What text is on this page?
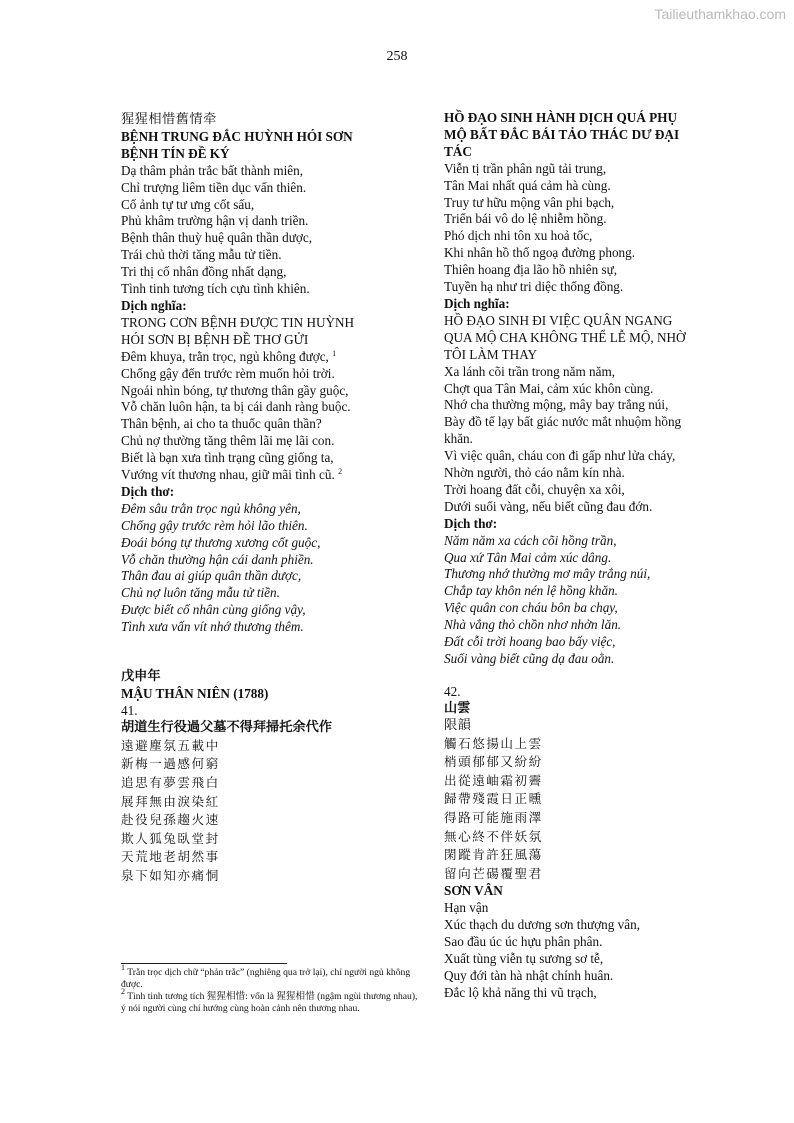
Tailieuthamkhao.com
258
猩猩相惜舊情牵
BỆNH TRUNG ĐẮC HUỲNH HÓI SƠN
BỆNH TÍN ĐỀ KÝ
Dạ thâm phản trắc bất thành miên,
Chỉ trượng liêm tiền dục vấn thiên.
Cố ảnh tự tư ưng cốt sấu,
Phủ khâm trường hận vị danh triền.
Bệnh thân thuỳ huệ quân thần dược,
Trái chủ thời tăng mẫu tử tiền.
Tri thị cố nhân đồng nhất dạng,
Tình tinh tương tích cựu tình khiên.
Dịch nghĩa:
TRONG CƠN BỆNH ĐƯỢC TIN HUỲNH
HÓI SƠN BỊ BỆNH ĐỀ THƠ GỬI
Đêm khuya, trằn trọc, ngủ không được, $^1$
Chống gậy đến trước rèm muốn hỏi trời.
Ngoái nhìn bóng, tự thương thân gầy guộc,
Vỗ chăn luôn hận, ta bị cái danh ràng buộc.
Thân bệnh, ai cho ta thuốc quân thần?
Chủ nợ thường tăng thêm lãi mẹ lãi con.
Biết là bạn xưa tình trạng cũng giống ta,
Vướng vít thương nhau, giữ mãi tình cũ. $^2$
Dịch thơ:
Đêm sâu trằn trọc ngủ không yên,
Chống gậy trước rèm hỏi lão thiên.
Đoái bóng tự thương xương cốt guộc,
Vỗ chăn thường hận cái danh phiền.
Thân đau ai giúp quân thần dược,
Chủ nợ luôn tăng mẫu tử tiền.
Được biết cố nhân cùng giống vậy,
Tình xưa vấn vít nhớ thương thêm.
戊申年
MẬU THÂN NIÊN (1788)
41.
胡道生行役過父墓不得拜掃托余代作
遠避塵氛五載中
新梅一過感何窮
追思有夢雲飛白
展拜無由淚染紅
赴役兒孫趨火速
欺人狐兔臥堂封
天荒地老胡然事
泉下如知亦痛恫
HỒ ĐẠO SINH HÀNH DỊCH QUÁ PHỤ
MỘ BẤT ĐẮC BÁI TẢO THÁC DƯ ĐẠI
TÁC
Viễn tị trần phân ngũ tải trung,
Tân Mai nhất quá cảm hà cùng.
Truy tư hữu mộng vân phi bạch,
Triển bái vô do lệ nhiễm hồng.
Phó dịch nhi tôn xu hoả tốc,
Khi nhân hồ thố ngoạ đường phong.
Thiên hoang địa lão hồ nhiên sự,
Tuyền hạ như tri diệc thống đồng.
Dịch nghĩa:
HỒ ĐẠO SINH ĐI VIỆC QUÂN NGANG
QUA MỘ CHA KHÔNG THỂ LỄ MỘ, NHỜ
TÔI LÀM THAY
Xa lánh cõi trần trong năm năm,
Chợt qua Tân Mai, cảm xúc khôn cùng.
Nhớ cha thường mộng, mây bay trắng núi,
Bày đồ tế lạy bất giác nước mắt nhuộm hồng
khăn.
Vì việc quân, cháu con đi gấp như lửa cháy,
Nhờn người, thỏ cáo nằm kín nhà.
Trời hoang đất cỗi, chuyện xa xôi,
Dưới suối vàng, nếu biết cũng đau đớn.
Dịch thơ:
Năm năm xa cách cõi hồng trần,
Qua xứ Tân Mai cảm xúc dâng.
Thương nhớ thường mơ mây trắng núi,
Chắp tay khôn nén lệ hồng khăn.
Việc quân con cháu bôn ba chạy,
Nhà vắng thỏ chồn nhơ nhởn lăn.
Đất cỗi trời hoang bao bấy việc,
Suối vàng biết cũng dạ đau oằn.
42.
山雲
限韻
觸石悠揚山上雲
梢頭郁郁又紛紛
出從遠岫霜初霽
歸帶殘霞日正曛
得路可能施雨澤
無心終不伴妖氛
閑蹤肯許狂風蕩
留向芒碭覆聖君
SƠN VÂN
Hạn vận
Xúc thạch du dương sơn thượng vân,
Sao đầu úc úc hựu phân phân.
Xuất tùng viễn tụ sương sơ tễ,
Quy đới tàn hà nhật chính huân.
Đắc lộ khả năng thi vũ trạch,
$^1$ Trằn trọc dịch chữ “phản trắc” (nghiêng qua trở lại), chỉ người ngủ không được.
$^2$ Tình tinh tương tích 猩猩相惜: vốn là 猩猩相惜 (ngậm ngùi thương nhau), ý nói người cùng chí hướng cùng hoàn cảnh nên thương nhau.
